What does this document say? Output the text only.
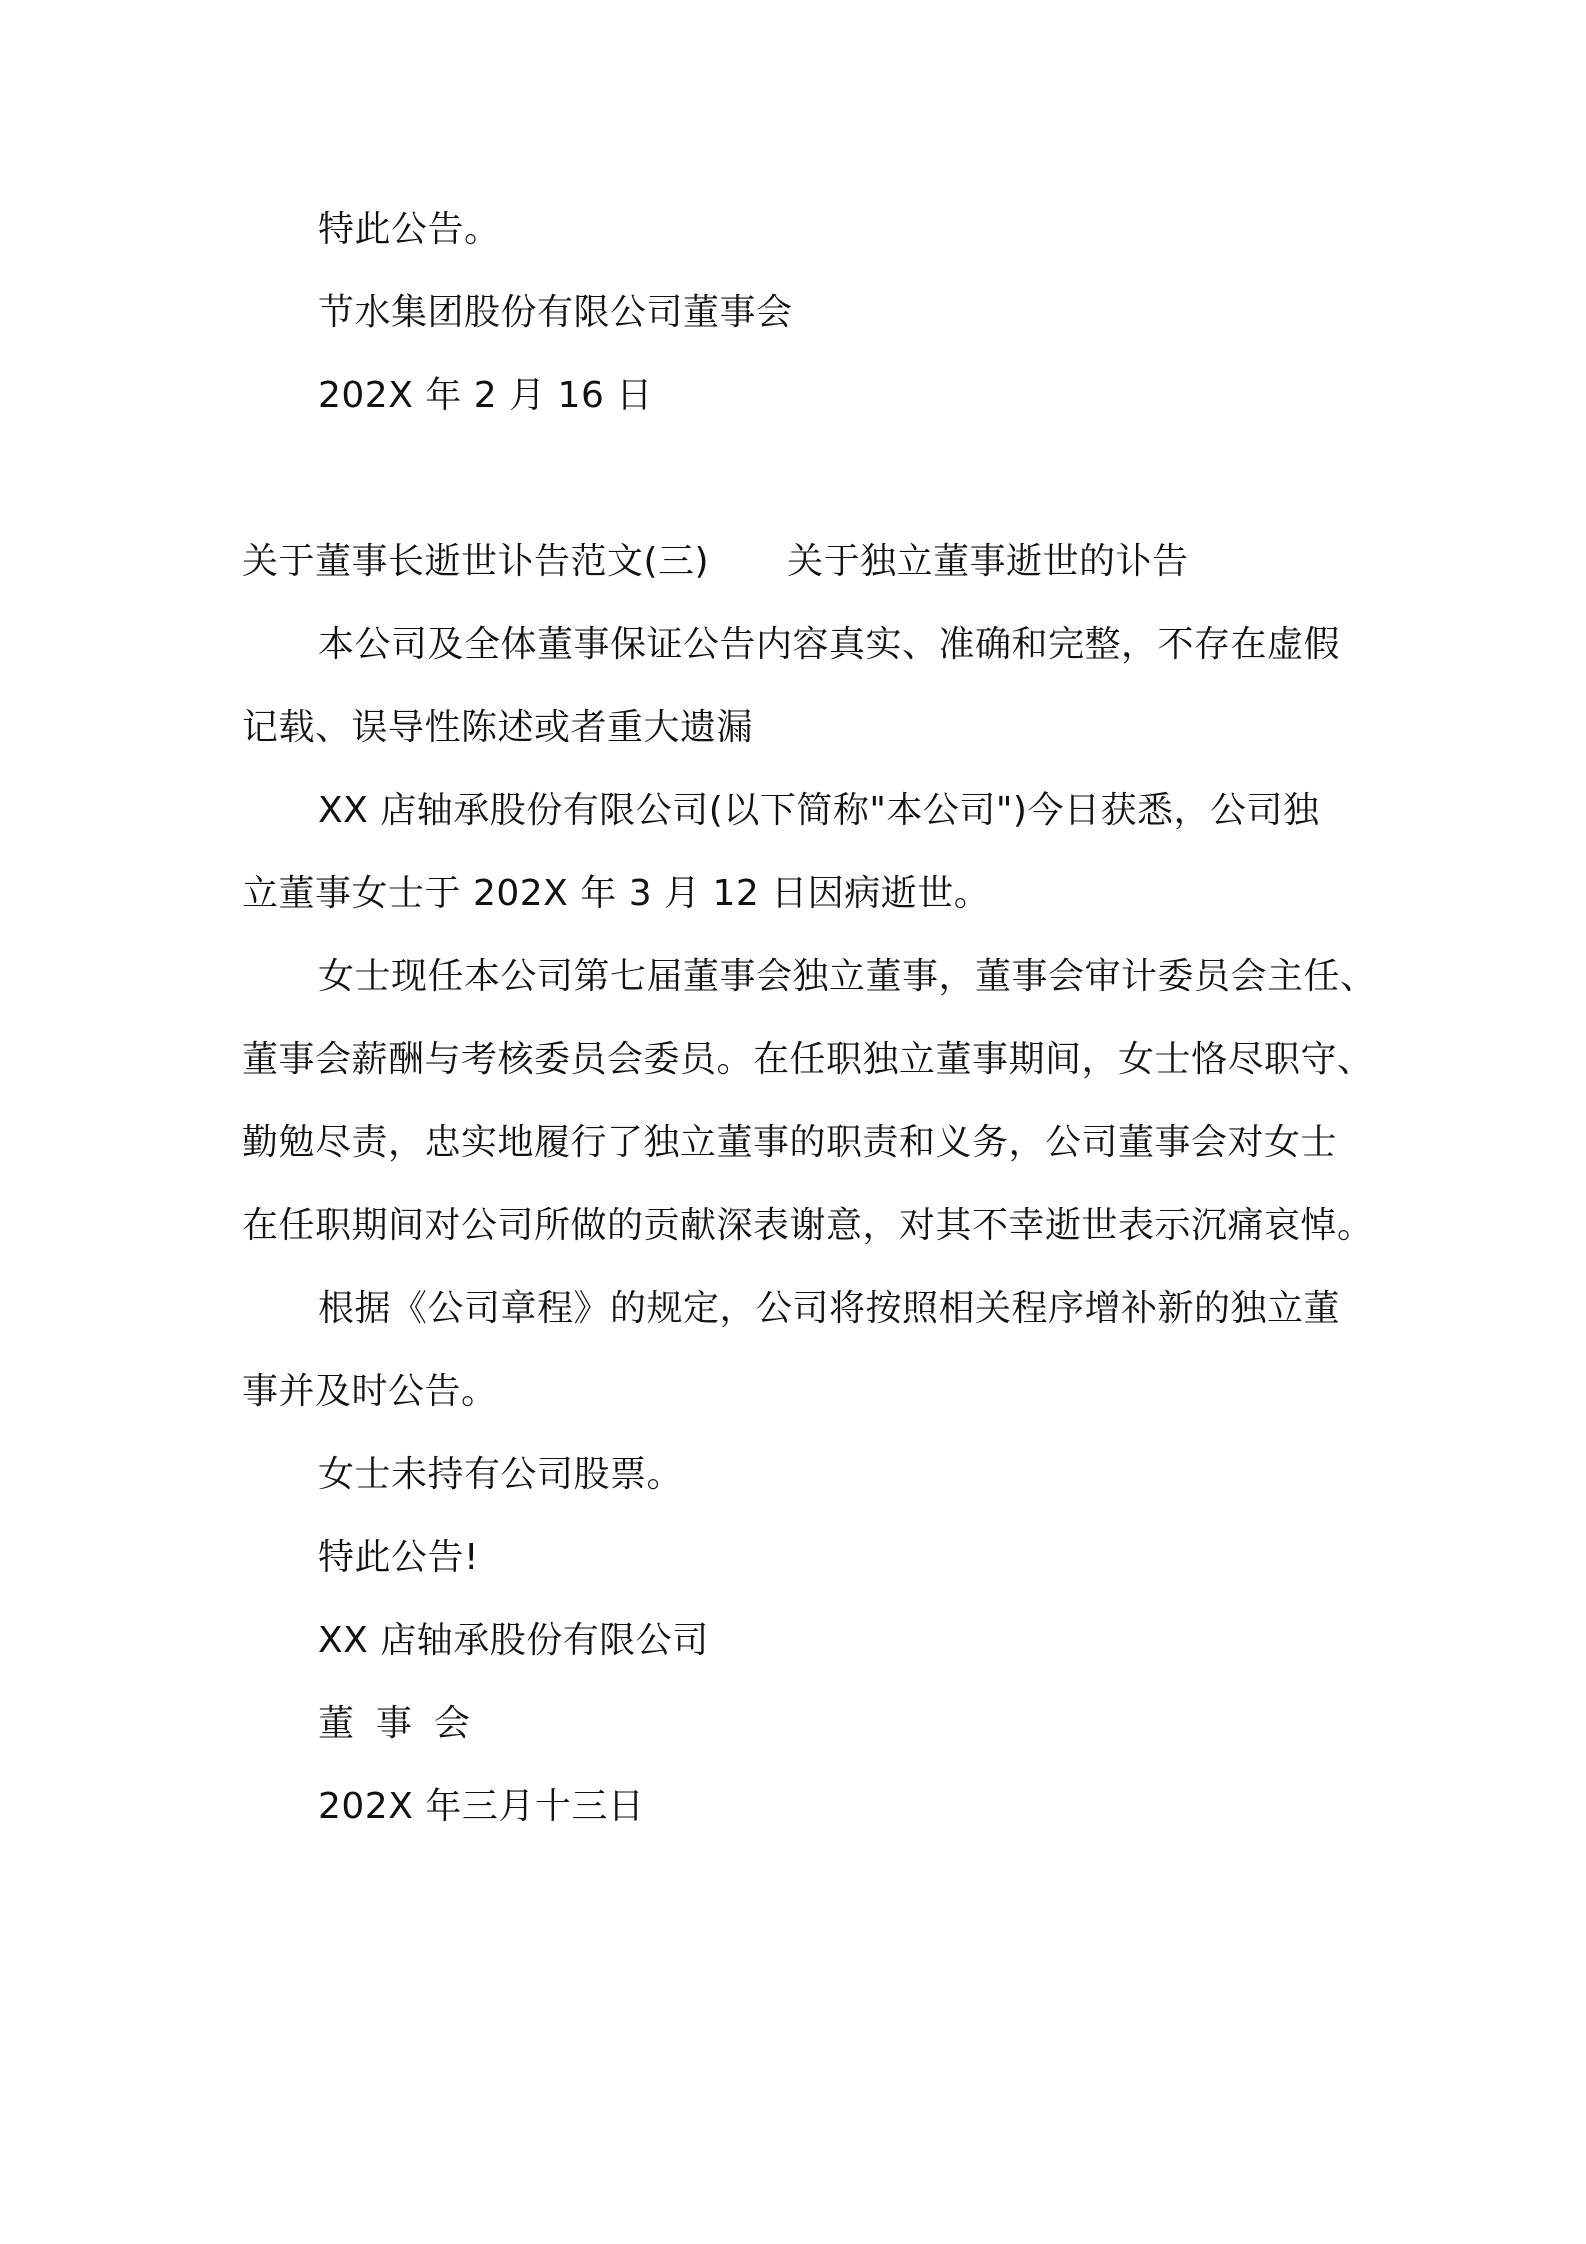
特此公告。
节水集团股份有限公司董事会
202X 年 2 月 16 日
关于董事长逝世讣告范文(三) 关于独立董事逝世的讣告
本公司及全体董事保证公告内容真实、准确和完整，不存在虚假
记载、误导性陈述或者重大遗漏
XX 店轴承股份有限公司(以下简称"本公司")今日获悉，公司独
立董事女士于 202X 年 3 月 12 日因病逝世。
女士现任本公司第七届董事会独立董事，董事会审计委员会主任、
董事会薪酬与考核委员会委员。在任职独立董事期间，女士恪尽职守、
勤勉尽责，忠实地履行了独立董事的职责和义务，公司董事会对女士
在任职期间对公司所做的贡献深表谢意，对其不幸逝世表示沉痛哀悼。
根据《公司章程》的规定，公司将按照相关程序增补新的独立董
事并及时公告。
女士未持有公司股票。
特此公告!
XX 店轴承股份有限公司
董事会
202X 年三月十三日
